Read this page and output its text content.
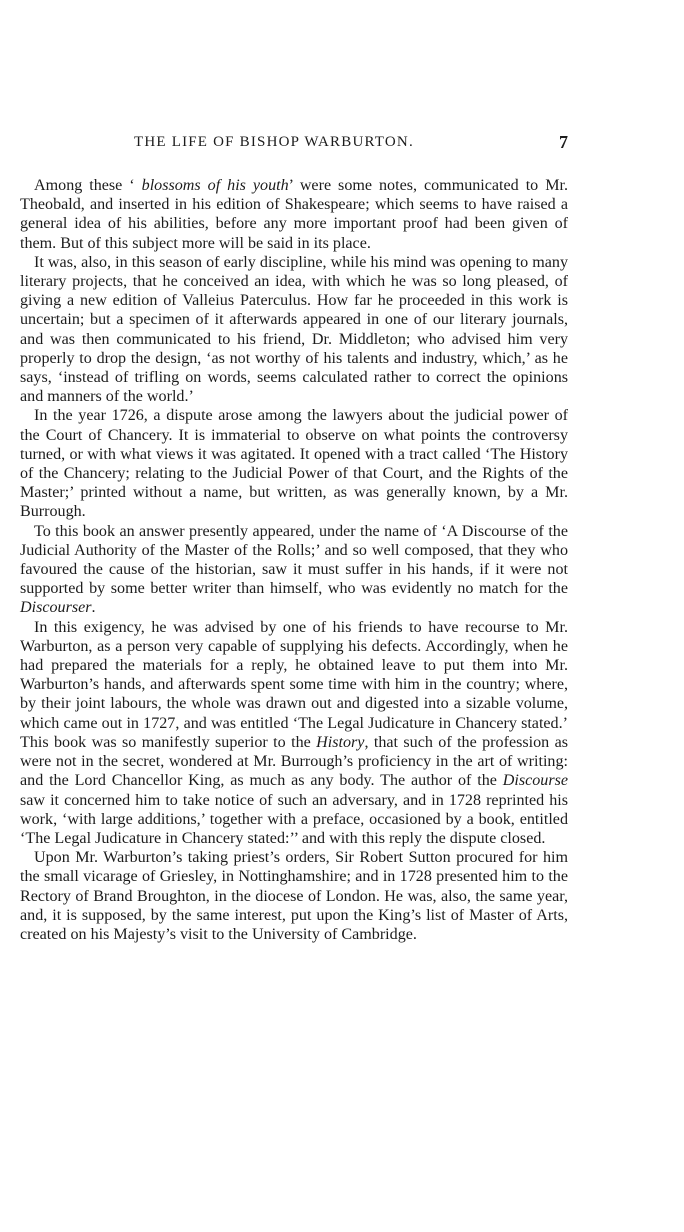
THE LIFE OF BISHOP WARBURTON.	7

Among these ‘ blossoms of his youth’ were some notes, communicated to Mr. Theobald, and inserted in his edition of Shakespeare; which seems to have raised a general idea of his abilities, before any more important proof had been given of them. But of this subject more will be said in its place.

It was, also, in this season of early discipline, while his mind was opening to many literary projects, that he conceived an idea, with which he was so long pleased, of giving a new edition of Valleius Paterculus. How far he proceeded in this work is uncertain; but a specimen of it afterwards appeared in one of our literary journals, and was then communicated to his friend, Dr. Middleton; who advised him very properly to drop the design, ‘as not worthy of his talents and industry, which,’ as he says, ‘instead of trifling on words, seems calculated rather to correct the opinions and manners of the world.’

In the year 1726, a dispute arose among the lawyers about the judicial power of the Court of Chancery. It is immaterial to observe on what points the controversy turned, or with what views it was agitated. It opened with a tract called ‘The History of the Chancery; relating to the Judicial Power of that Court, and the Rights of the Master;’ printed without a name, but written, as was generally known, by a Mr. Burrough.

To this book an answer presently appeared, under the name of ‘A Discourse of the Judicial Authority of the Master of the Rolls;’ and so well composed, that they who favoured the cause of the historian, saw it must suffer in his hands, if it were not supported by some better writer than himself, who was evidently no match for the Discourser.

In this exigency, he was advised by one of his friends to have recourse to Mr. Warburton, as a person very capable of supplying his defects. Accordingly, when he had prepared the materials for a reply, he obtained leave to put them into Mr. Warburton’s hands, and afterwards spent some time with him in the country; where, by their joint labours, the whole was drawn out and digested into a sizable volume, which came out in 1727, and was entitled ‘The Legal Judicature in Chancery stated.’ This book was so manifestly superior to the History, that such of the profession as were not in the secret, wondered at Mr. Burrough’s proficiency in the art of writing: and the Lord Chancellor King, as much as any body. The author of the Discourse saw it concerned him to take notice of such an adversary, and in 1728 reprinted his work, ‘with large additions,’ together with a preface, occasioned by a book, entitled ‘The Legal Judicature in Chancery stated:’’ and with this reply the dispute closed.

Upon Mr. Warburton’s taking priest’s orders, Sir Robert Sutton procured for him the small vicarage of Griesley, in Nottinghamshire; and in 1728 presented him to the Rectory of Brand Broughton, in the diocese of London. He was, also, the same year, and, it is supposed, by the same interest, put upon the King’s list of Master of Arts, created on his Majesty’s visit to the University of Cambridge.
